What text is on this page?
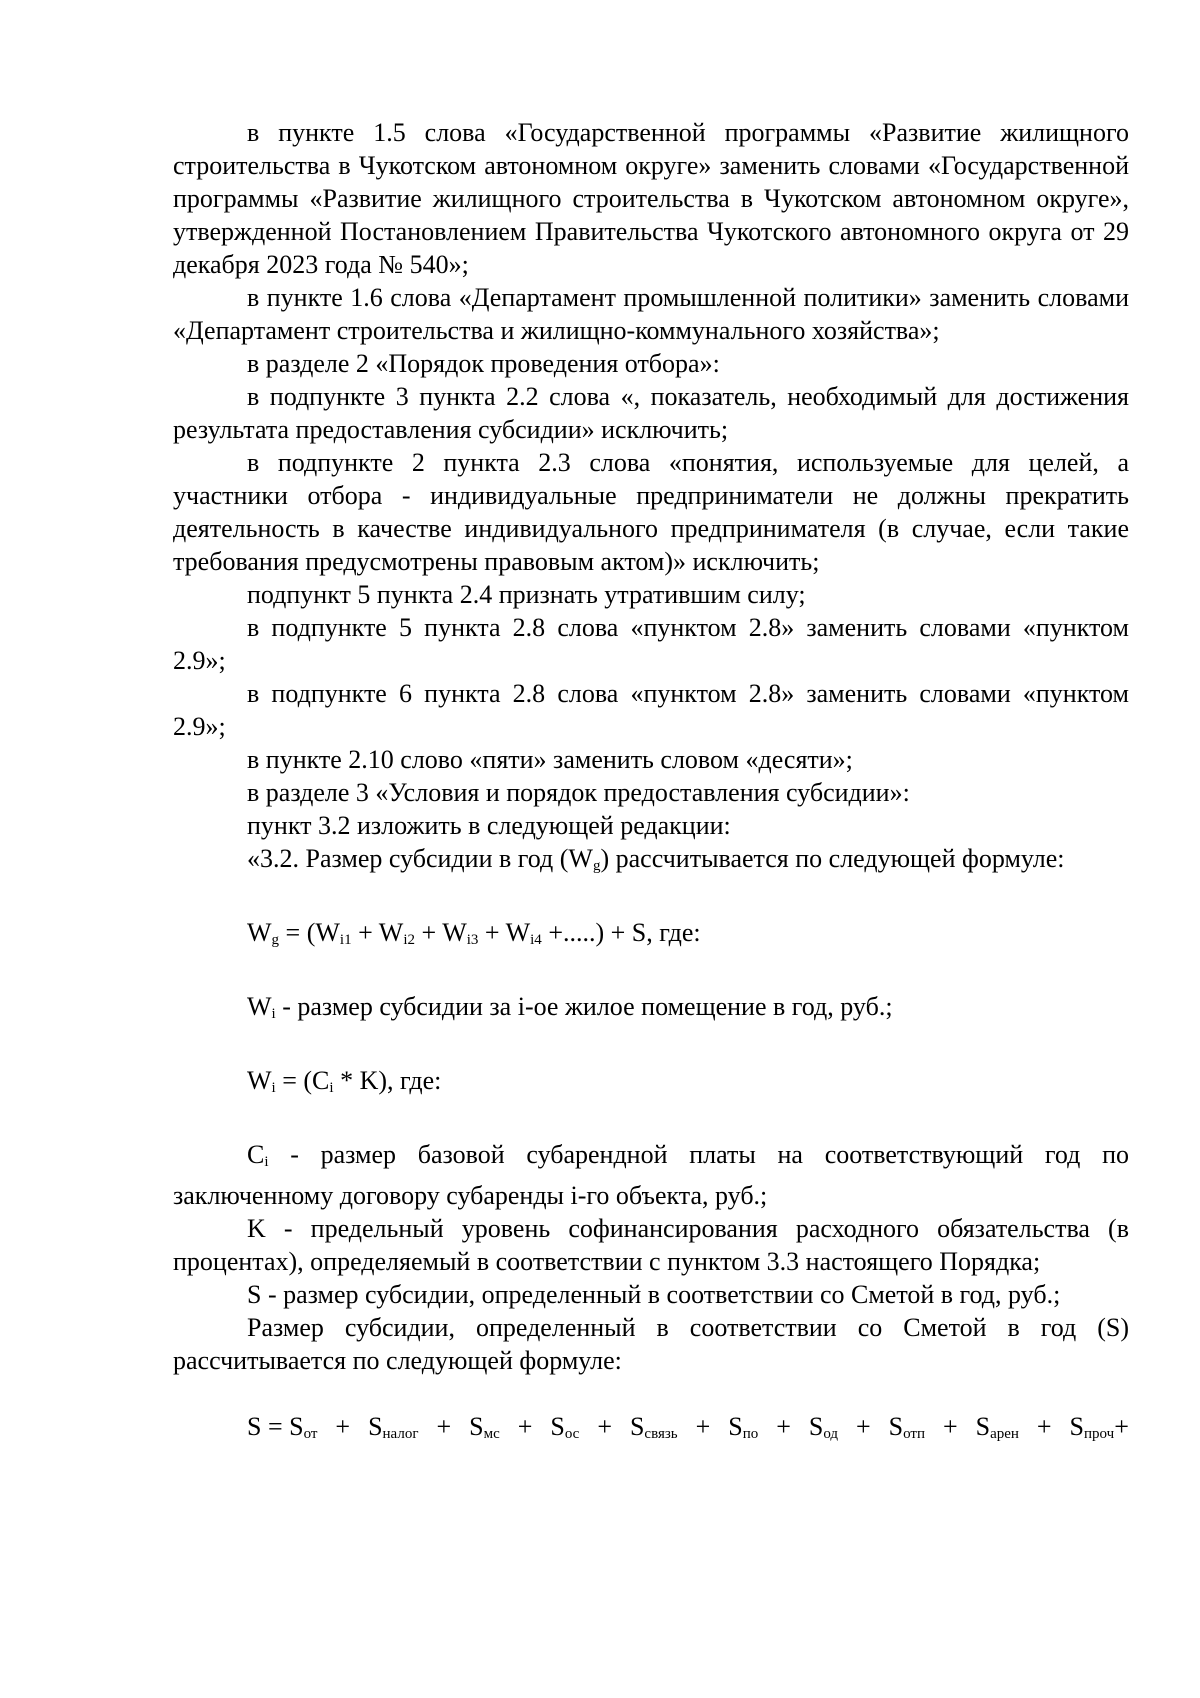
в пункте 1.5 слова «Государственной программы «Развитие жилищного строительства в Чукотском автономном округе» заменить словами «Государственной программы «Развитие жилищного строительства в Чукотском автономном округе», утвержденной Постановлением Правительства Чукотского автономного округа от 29 декабря 2023 года № 540»;

в пункте 1.6 слова «Департамент промышленной политики» заменить словами «Департамент строительства и жилищно-коммунального хозяйства»;

в разделе 2 «Порядок проведения отбора»:

в подпункте 3 пункта 2.2 слова «, показатель, необходимый для достижения результата предоставления субсидии» исключить;

в подпункте 2 пункта 2.3 слова «понятия, используемые для целей, а участники отбора - индивидуальные предприниматели не должны прекратить деятельность в качестве индивидуального предпринимателя (в случае, если такие требования предусмотрены правовым актом)» исключить;

подпункт 5 пункта 2.4 признать утратившим силу;

в подпункте 5 пункта 2.8 слова «пунктом 2.8» заменить словами «пунктом 2.9»;

в подпункте 6 пункта 2.8 слова «пунктом 2.8» заменить словами «пунктом 2.9»;

в пункте 2.10 слово «пяти» заменить словом «десяти»;

в разделе 3 «Условия и порядок предоставления субсидии»:

пункт 3.2 изложить в следующей редакции:

«3.2. Размер субсидии в год $(W_g)$ рассчитывается по следующей формуле:

$W_g = (W_{i1} + W_{i2} + W_{i3} + W_{i4}$ +.....) + S, где:

$W_i$ - размер субсидии за i-ое жилое помещение в год, руб.;

$W_i = (C_i * K)$, где:

$C_i$ - размер базовой субарендной платы на соответствующий год по заключенному договору субаренды i-го объекта, руб.;

K - предельный уровень софинансирования расходного обязательства (в процентах), определяемый в соответствии с пунктом 3.3 настоящего Порядка;

S - размер субсидии, определенный в соответствии со Сметой в год, руб.;

Размер субсидии, определенный в соответствии со Сметой в год (S) рассчитывается по следующей формуле:

$S = S_{от} + S_{налог} + S_{мс} + S_{ос} + S_{связь} + S_{по} + S_{од} + S_{отп} + S_{арен} + S_{проч}+$
